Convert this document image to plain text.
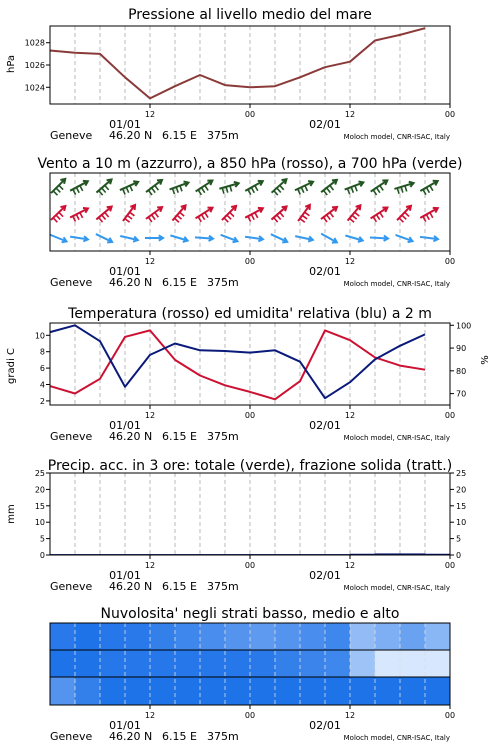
Pressione al livello medio del mare
hPa
1024
1026
1028
12	00	12	00
01/01	02/01
Geneve 46.20 N 6.15 E 375m	Moloch model, CNR-ISAC, Italy
Vento a 10 m (azzurro), a 850 hPa (rosso), a 700 hPa (verde)
12	00	12	00
01/01	02/01
Geneve 46.20 N 6.15 E 375m	Moloch model, CNR-ISAC, Italy
Temperatura (rosso) ed umidita' relativa (blu) a 2 m
gradi C	%
2
4
6
8
10
70
80
90
100
12	00	12	00
01/01	02/01
Geneve 46.20 N 6.15 E 375m	Moloch model, CNR-ISAC, Italy
Precip. acc. in 3 ore: totale (verde), frazione solida (tratt.)
mm
0
5
10
15
20
25
0
5
10
15
20
25
12	00	12	00
01/01	02/01
Geneve 46.20 N 6.15 E 375m	Moloch model, CNR-ISAC, Italy
Nuvolosita' negli strati basso, medio e alto
12	00	12	00
01/01	02/01
Geneve 46.20 N 6.15 E 375m	Moloch model, CNR-ISAC, Italy
